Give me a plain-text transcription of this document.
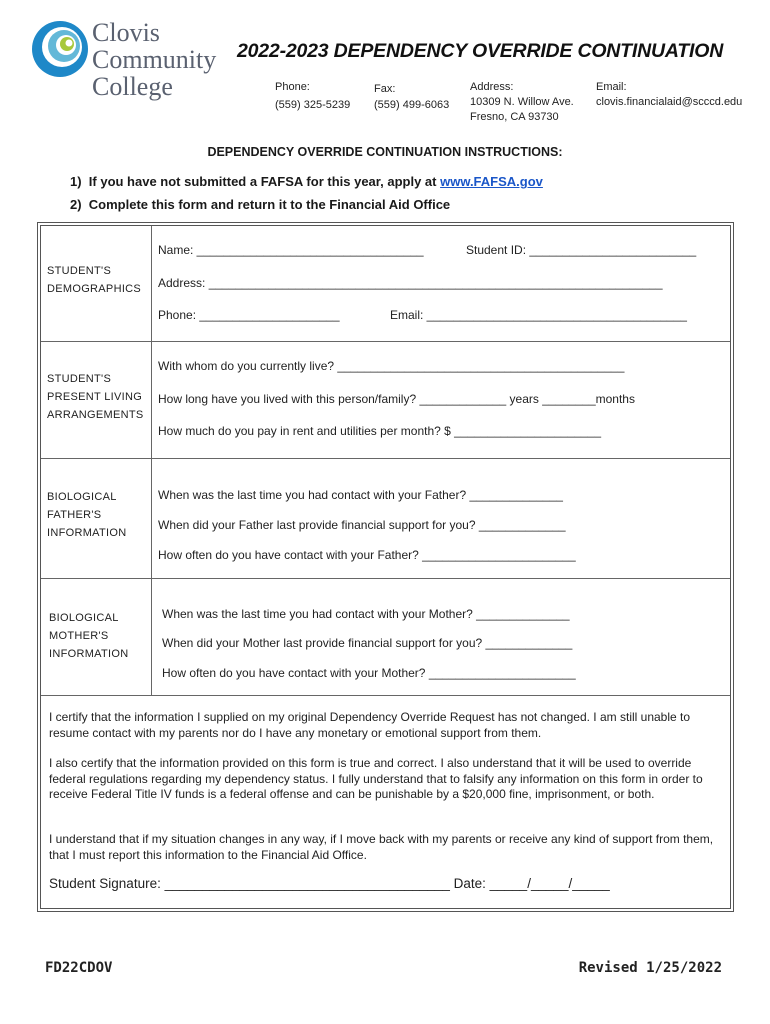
Clovis
Community
College
2022-2023 DEPENDENCY OVERRIDE CONTINUATION
Phone:
(559) 325-5239
Fax:
(559) 499-6063
Address:
10309 N. Willow Ave.
Fresno, CA 93730
Email:
clovis.financialaid@scccd.edu
DEPENDENCY OVERRIDE CONTINUATION INSTRUCTIONS:
1)  If you have not submitted a FAFSA for this year, apply at www.FAFSA.gov
2)  Complete this form and return it to the Financial Aid Office
STUDENT'S
DEMOGRAPHICS
Name: __________________________________	Student ID: _________________________
Address: ____________________________________________________________________
Phone: _____________________	Email: _______________________________________
STUDENT'S
PRESENT LIVING
ARRANGEMENTS
With whom do you currently live? ___________________________________________
How long have you lived with this person/family? _____________ years ________months
How much do you pay in rent and utilities per month? $ ______________________
BIOLOGICAL
FATHER'S
INFORMATION
When was the last time you had contact with your Father? ______________
When did your Father last provide financial support for you? _____________
How often do you have contact with your Father? _______________________
BIOLOGICAL
MOTHER'S
INFORMATION
When was the last time you had contact with your Mother? ______________
When did your Mother last provide financial support for you? _____________
How often do you have contact with your Mother? ______________________
I certify that the information I supplied on my original Dependency Override Request has not changed. I am still unable to resume contact with my parents nor do I have any monetary or emotional support from them.
I also certify that the information provided on this form is true and correct. I also understand that it will be used to override federal regulations regarding my dependency status. I fully understand that to falsify any information on this form in order to receive Federal Title IV funds is a federal offense and can be punishable by a $20,000 fine, imprisonment, or both.
I understand that if my situation changes in any way, if I move back with my parents or receive any kind of support from them, that I must report this information to the Financial Aid Office.
Student Signature: ______________________________________ Date: _____/_____/_____
FD22CDOV	Revised 1/25/2022
